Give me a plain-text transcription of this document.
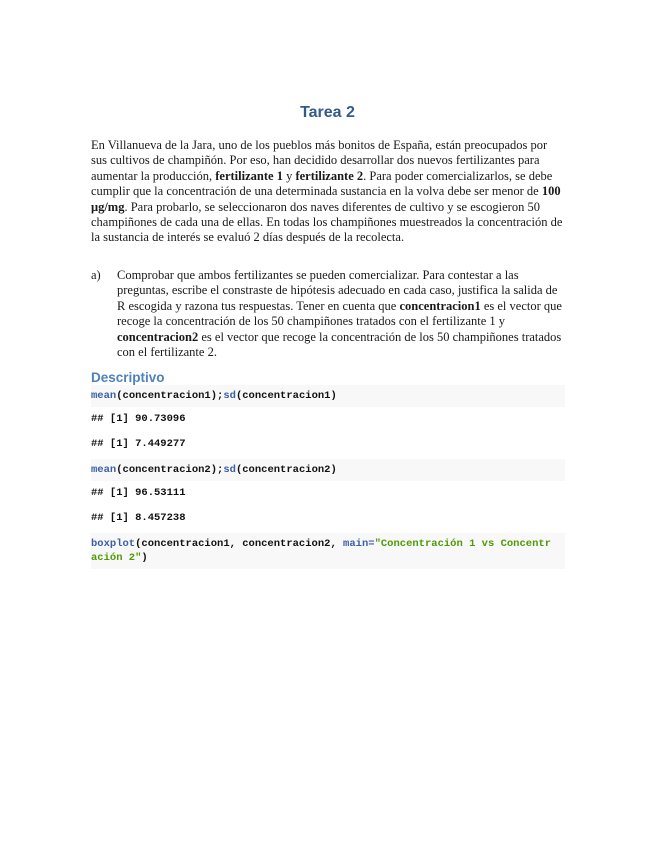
Tarea 2

En Villanueva de la Jara, uno de los pueblos más bonitos de España, están preocupados por sus cultivos de champiñón. Por eso, han decidido desarrollar dos nuevos fertilizantes para aumentar la producción, fertilizante 1 y fertilizante 2. Para poder comercializarlos, se debe cumplir que la concentración de una determinada sustancia en la volva debe ser menor de 100 μg/mg. Para probarlo, se seleccionaron dos naves diferentes de cultivo y se escogieron 50 champiñones de cada una de ellas. En todas los champiñones muestreados la concentración de la sustancia de interés se evaluó 2 días después de la recolecta.

a) Comprobar que ambos fertilizantes se pueden comercializar. Para contestar a las preguntas, escribe el constraste de hipótesis adecuado en cada caso, justifica la salida de R escogida y razona tus respuestas. Tener en cuenta que concentracion1 es el vector que recoge la concentración de los 50 champiñones tratados con el fertilizante 1 y concentracion2 es el vector que recoge la concentración de los 50 champiñones tratados con el fertilizante 2.
Descriptivo
mean(concentracion1);sd(concentracion1)
## [1] 90.73096
## [1] 7.449277
mean(concentracion2);sd(concentracion2)
## [1] 96.53111
## [1] 8.457238
boxplot(concentracion1, concentracion2, main="Concentración 1 vs Concentr
ación 2")
